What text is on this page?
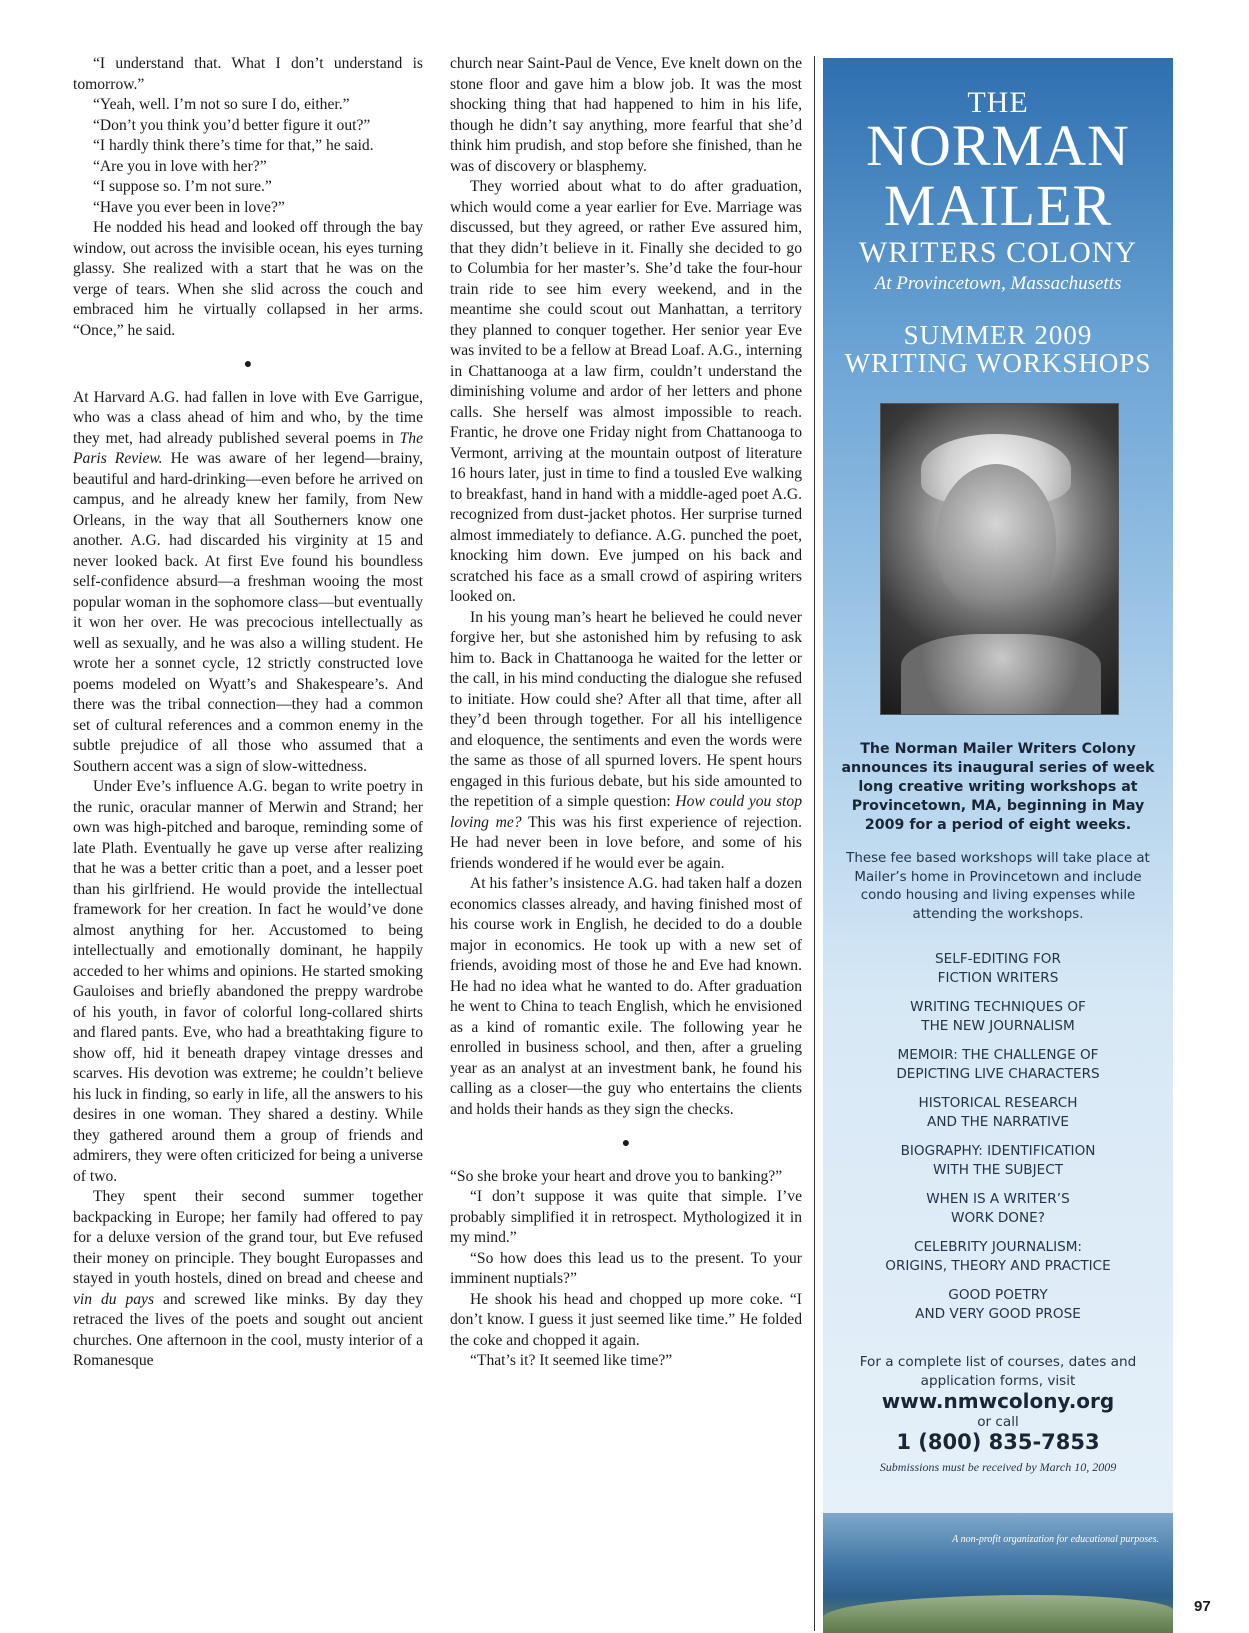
“I understand that. What I don’t understand is tomorrow.”

“Yeah, well. I’m not so sure I do, either.”

“Don’t you think you’d better figure it out?”

“I hardly think there’s time for that,” he said.

“Are you in love with her?”

“I suppose so. I’m not sure.”

“Have you ever been in love?”

He nodded his head and looked off through the bay window, out across the invisible ocean, his eyes turning glassy. She realized with a start that he was on the verge of tears. When she slid across the couch and embraced him he virtually collapsed in her arms. “Once,” he said.

●

At Harvard A.G. had fallen in love with Eve Garrigue, who was a class ahead of him and who, by the time they met, had already published several poems in The Paris Review. He was aware of her legend—brainy, beautiful and hard-drinking—even before he arrived on campus, and he already knew her family, from New Orleans, in the way that all Southerners know one another. A.G. had discarded his virginity at 15 and never looked back. At first Eve found his boundless self-confidence absurd—a freshman wooing the most popular woman in the sophomore class—but eventually it won her over. He was precocious intellectually as well as sexually, and he was also a willing student. He wrote her a sonnet cycle, 12 strictly constructed love poems modeled on Wyatt’s and Shakespeare’s. And there was the tribal connection—they had a common set of cultural references and a common enemy in the subtle prejudice of all those who assumed that a Southern accent was a sign of slow-wittedness.

Under Eve’s influence A.G. began to write poetry in the runic, oracular manner of Merwin and Strand; her own was high-pitched and baroque, reminding some of late Plath. Eventually he gave up verse after realizing that he was a better critic than a poet, and a lesser poet than his girlfriend. He would provide the intellectual framework for her creation. In fact he would’ve done almost anything for her. Accustomed to being intellectually and emotionally dominant, he happily acceded to her whims and opinions. He started smoking Gauloises and briefly abandoned the preppy wardrobe of his youth, in favor of colorful long-collared shirts and flared pants. Eve, who had a breathtaking figure to show off, hid it beneath drapey vintage dresses and scarves. His devotion was extreme; he couldn’t believe his luck in finding, so early in life, all the answers to his desires in one woman. They shared a destiny. While they gathered around them a group of friends and admirers, they were often criticized for being a universe of two.

They spent their second summer together backpacking in Europe; her family had offered to pay for a deluxe version of the grand tour, but Eve refused their money on principle. They bought Europasses and stayed in youth hostels, dined on bread and cheese and vin du pays and screwed like minks. By day they retraced the lives of the poets and sought out ancient churches. One afternoon in the cool, musty interior of a Romanesque

church near Saint-Paul de Vence, Eve knelt down on the stone floor and gave him a blow job. It was the most shocking thing that had happened to him in his life, though he didn’t say anything, more fearful that she’d think him prudish, and stop before she finished, than he was of discovery or blasphemy.

They worried about what to do after graduation, which would come a year earlier for Eve. Marriage was discussed, but they agreed, or rather Eve assured him, that they didn’t believe in it. Finally she decided to go to Columbia for her master’s. She’d take the four-hour train ride to see him every weekend, and in the meantime she could scout out Manhattan, a territory they planned to conquer together. Her senior year Eve was invited to be a fellow at Bread Loaf. A.G., interning in Chattanooga at a law firm, couldn’t understand the diminishing volume and ardor of her letters and phone calls. She herself was almost impossible to reach. Frantic, he drove one Friday night from Chattanooga to Vermont, arriving at the mountain outpost of literature 16 hours later, just in time to find a tousled Eve walking to breakfast, hand in hand with a middle-aged poet A.G. recognized from dust-jacket photos. Her surprise turned almost immediately to defiance. A.G. punched the poet, knocking him down. Eve jumped on his back and scratched his face as a small crowd of aspiring writers looked on.

In his young man’s heart he believed he could never forgive her, but she astonished him by refusing to ask him to. Back in Chattanooga he waited for the letter or the call, in his mind conducting the dialogue she refused to initiate. How could she? After all that time, after all they’d been through together. For all his intelligence and eloquence, the sentiments and even the words were the same as those of all spurned lovers. He spent hours engaged in this furious debate, but his side amounted to the repetition of a simple question: How could you stop loving me? This was his first experience of rejection. He had never been in love before, and some of his friends wondered if he would ever be again.

At his father’s insistence A.G. had taken half a dozen economics classes already, and having finished most of his course work in English, he decided to do a double major in economics. He took up with a new set of friends, avoiding most of those he and Eve had known. He had no idea what he wanted to do. After graduation he went to China to teach English, which he envisioned as a kind of romantic exile. The following year he enrolled in business school, and then, after a grueling year as an analyst at an investment bank, he found his calling as a closer—the guy who entertains the clients and holds their hands as they sign the checks.

●

“So she broke your heart and drove you to banking?”

“I don’t suppose it was quite that simple. I’ve probably simplified it in retrospect. Mythologized it in my mind.”

“So how does this lead us to the present. To your imminent nuptials?”

He shook his head and chopped up more coke. “I don’t know. I guess it just seemed like time.” He folded the coke and chopped it again.

“That’s it? It seemed like time?”

THE
NORMAN
MAILER
WRITERS COLONY
At Provincetown, Massachusetts
SUMMER 2009
WRITING WORKSHOPS
The Norman Mailer Writers Colony announces its inaugural series of week long creative writing workshops at Provincetown, MA, beginning in May 2009 for a period of eight weeks.
These fee based workshops will take place at Mailer’s home in Provincetown and include condo housing and living expenses while attending the workshops.
SELF-EDITING FOR
FICTION WRITERS
WRITING TECHNIQUES OF
THE NEW JOURNALISM
MEMOIR: THE CHALLENGE OF
DEPICTING LIVE CHARACTERS
HISTORICAL RESEARCH
AND THE NARRATIVE
BIOGRAPHY: IDENTIFICATION
WITH THE SUBJECT
WHEN IS A WRITER’S
WORK DONE?
CELEBRITY JOURNALISM:
ORIGINS, THEORY AND PRACTICE
GOOD POETRY
AND VERY GOOD PROSE
For a complete list of courses, dates and application forms, visit
www.nmwcolony.org
or call
1 (800) 835-7853
Submissions must be received by March 10, 2009
A non-profit organization for educational purposes.
97
